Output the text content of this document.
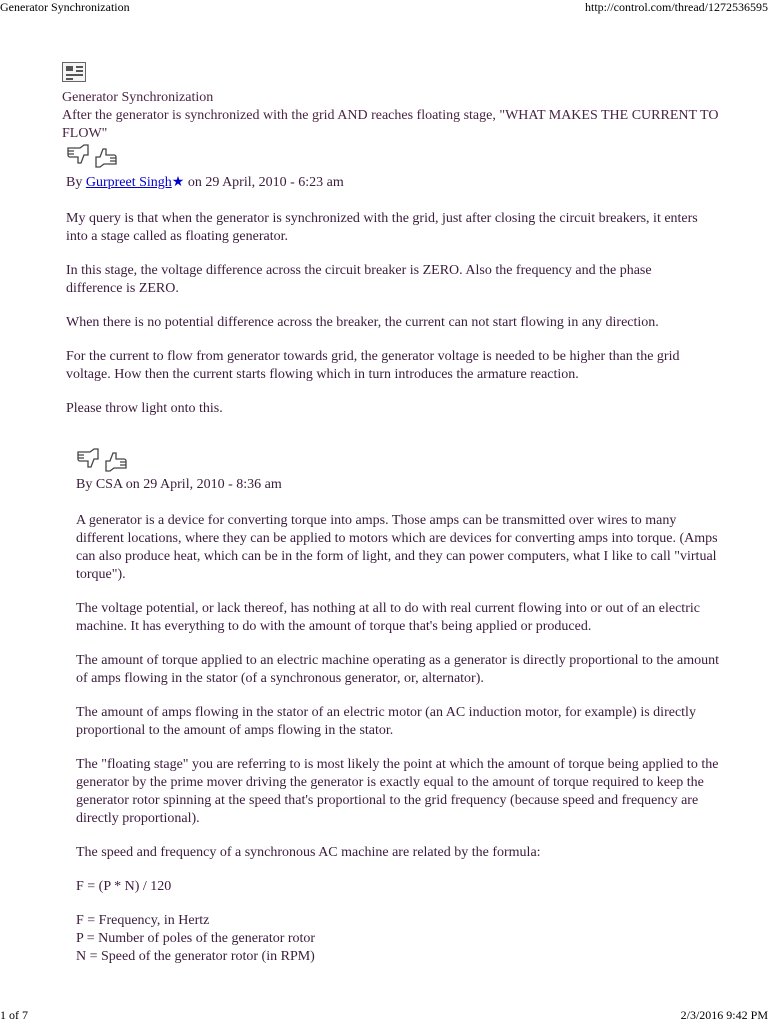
Generator Synchronization	http://control.com/thread/1272536595
Generator Synchronization
After the generator is synchronized with the grid AND reaches floating stage, "WHAT MAKES THE CURRENT TO FLOW"

By Gurpreet Singh★ on 29 April, 2010 - 6:23 am

My query is that when the generator is synchronized with the grid, just after closing the circuit breakers, it enters into a stage called as floating generator.

In this stage, the voltage difference across the circuit breaker is ZERO. Also the frequency and the phase difference is ZERO.

When there is no potential difference across the breaker, the current can not start flowing in any direction.

For the current to flow from generator towards grid, the generator voltage is needed to be higher than the grid voltage. How then the current starts flowing which in turn introduces the armature reaction.

Please throw light onto this.

By CSA on 29 April, 2010 - 8:36 am

A generator is a device for converting torque into amps. Those amps can be transmitted over wires to many different locations, where they can be applied to motors which are devices for converting amps into torque. (Amps can also produce heat, which can be in the form of light, and they can power computers, what I like to call "virtual torque").

The voltage potential, or lack thereof, has nothing at all to do with real current flowing into or out of an electric machine. It has everything to do with the amount of torque that's being applied or produced.

The amount of torque applied to an electric machine operating as a generator is directly proportional to the amount of amps flowing in the stator (of a synchronous generator, or, alternator).

The amount of amps flowing in the stator of an electric motor (an AC induction motor, for example) is directly proportional to the amount of amps flowing in the stator.

The "floating stage" you are referring to is most likely the point at which the amount of torque being applied to the generator by the prime mover driving the generator is exactly equal to the amount of torque required to keep the generator rotor spinning at the speed that's proportional to the grid frequency (because speed and frequency are directly proportional).

The speed and frequency of a synchronous AC machine are related by the formula:

F = (P * N) / 120

F = Frequency, in Hertz

P = Number of poles of the generator rotor

N = Speed of the generator rotor (in RPM)

1 of 7	2/3/2016 9:42 PM
